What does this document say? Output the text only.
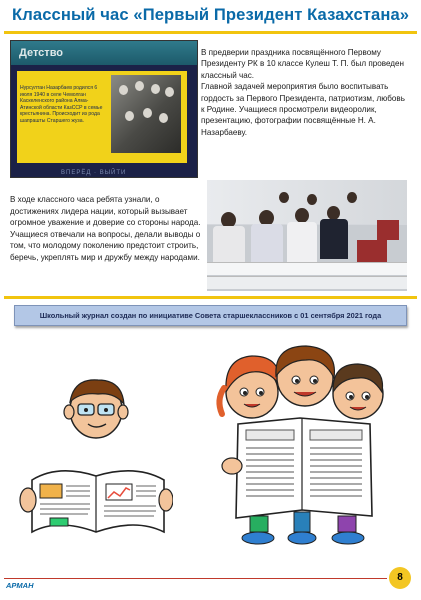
Классный час «Первый Президент Казахстана»
Детство
Нурсултан Назарбаев родился 6 июля 1940 в селе Чемолган Каскеленского района Алма-Атинской области КазССР в семье крестьянина. Происходит из рода шапрашты Старшего жуза.
ВПЕРЁД · ВЫЙТИ

В предверии праздника посвящённого Первому Президенту РК в 10 классе Кулеш Т. П. был проведен классный час.

Главной задачей мероприятия было воспитывать гордость за Первого Президента, патриотизм, любовь к Родине. Учащиеся просмотрели видеоролик, презентацию, фотографии посвящённые Н. А. Назарбаеву.

В ходе классного часа ребята узнали, о достижениях лидера нации, который вызывает огромное уважение и доверие со стороны народа.

Учащиеся отвечали на вопросы, делали выводы о том, что молодому поколению предстоит строить, беречь, укреплять мир и дружбу между народами.

Школьный журнал создан по инициативе Совета старшеклассников с 01 сентября 2021 года
АРМАН
8
